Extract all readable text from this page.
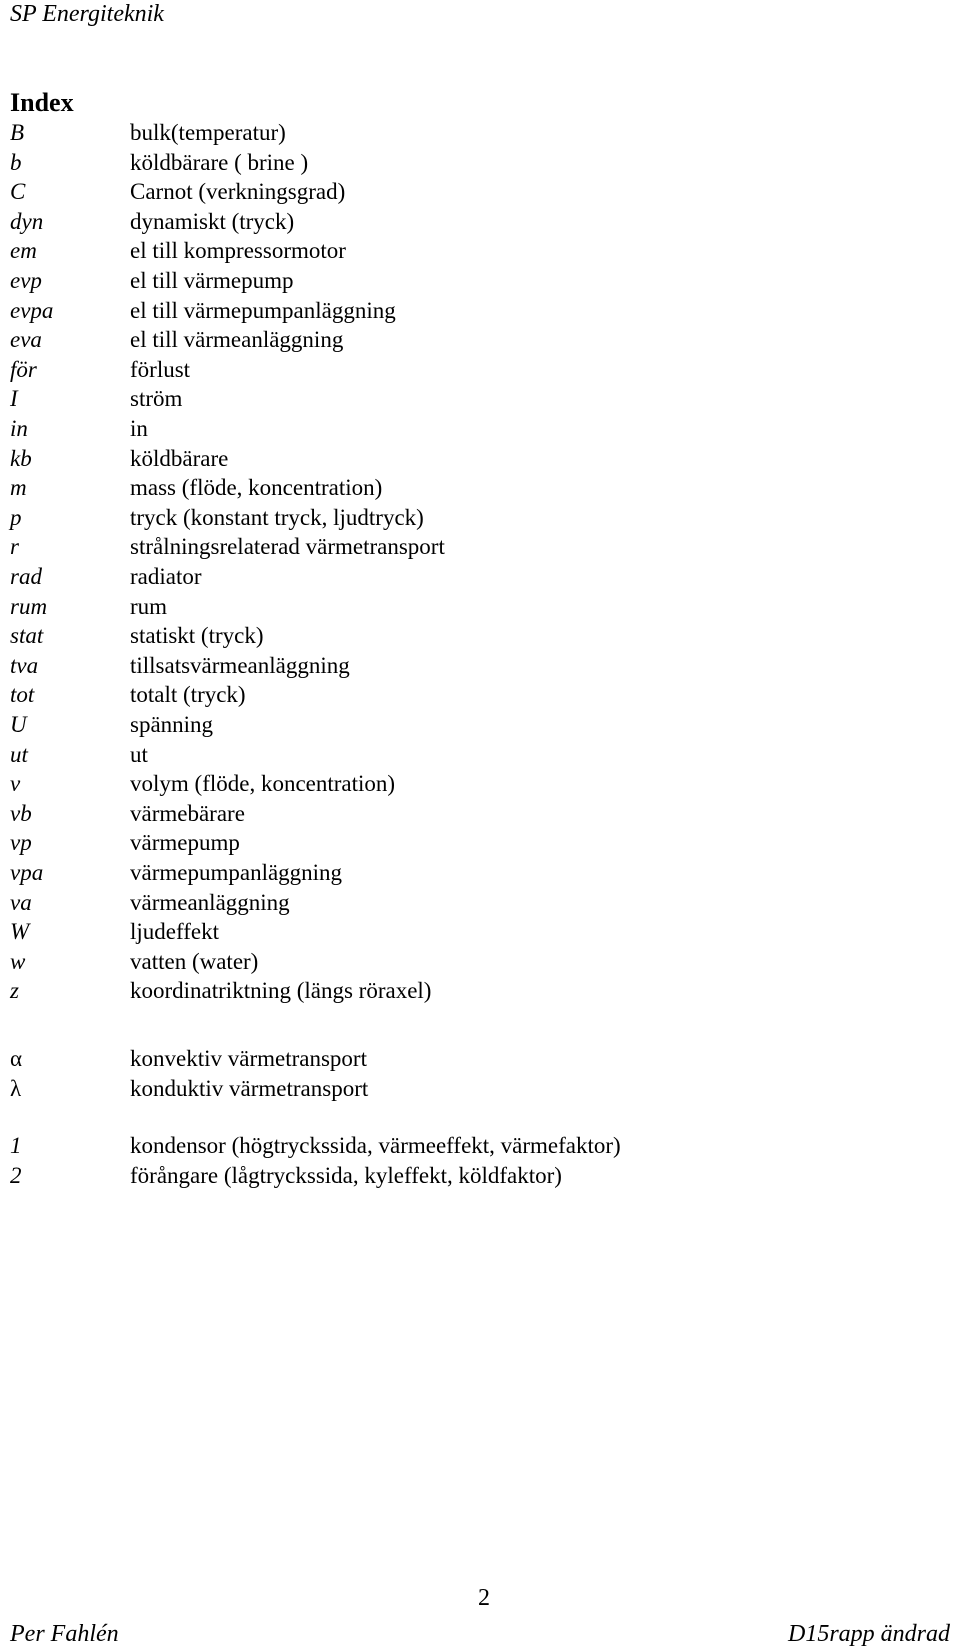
SP Energiteknik
Index
B	bulk(temperatur)
b	köldbärare ( brine )
C	Carnot (verkningsgrad)
dyn	dynamiskt (tryck)
em	el till kompressormotor
evp	el till värmepump
evpa	el till värmepumpanläggning
eva	el till värmeanläggning
för	förlust
I	ström
in	in
kb	köldbärare
m	mass (flöde, koncentration)
p	tryck (konstant tryck, ljudtryck)
r	strålningsrelaterad värmetransport
rad	radiator
rum	rum
stat	statiskt (tryck)
tva	tillsatsvärmeanläggning
tot	totalt (tryck)
U	spänning
ut	ut
v	volym (flöde, koncentration)
vb	värmebärare
vp	värmepump
vpa	värmepumpanläggning
va	värmeanläggning
W	ljudeffekt
w	vatten (water)
z	koordinatriktning (längs röraxel)
α	konvektiv värmetransport
λ	konduktiv värmetransport
1	kondensor (högtryckssida, värmeeffekt, värmefaktor)
2	förångare (lågtryckssida, kyleffekt, köldfaktor)
2
Per Fahlén	D15rapp ändrad
